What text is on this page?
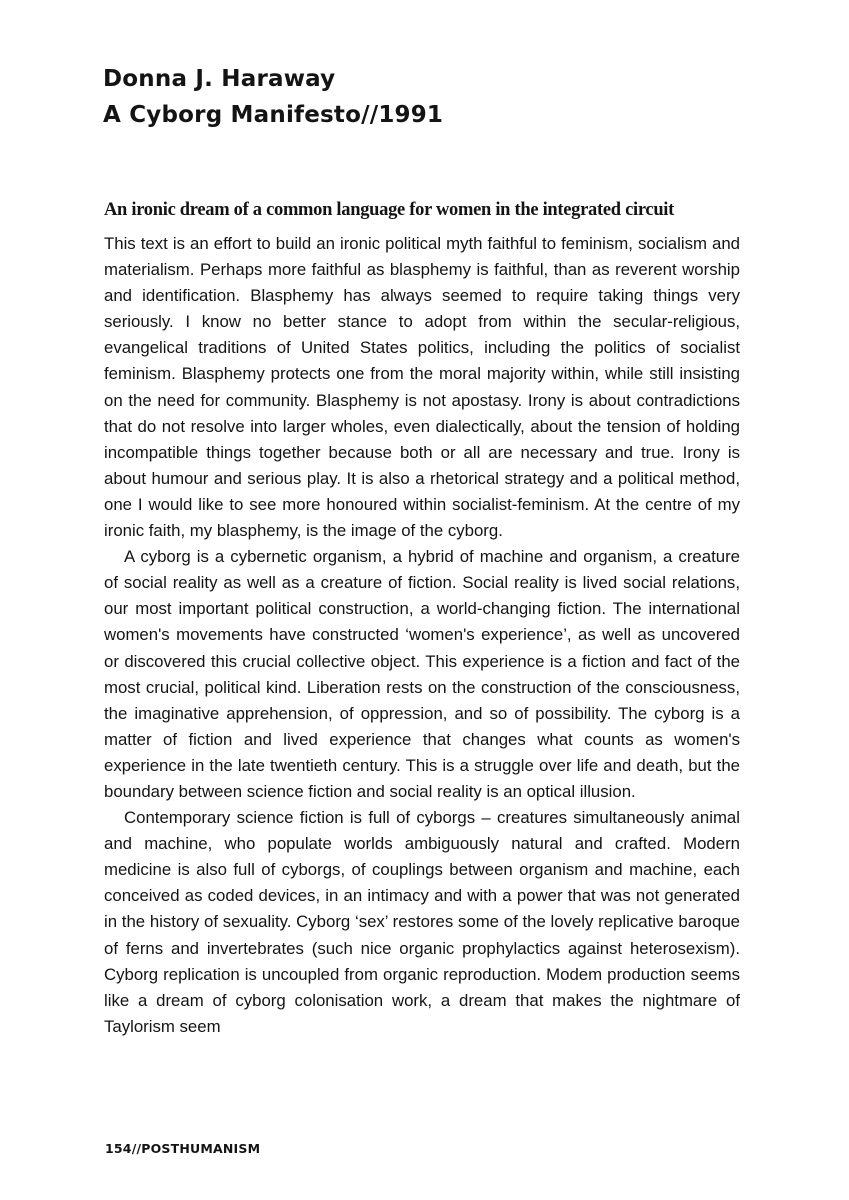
Donna J. Haraway
A Cyborg Manifesto//1991
An ironic dream of a common language for women in the integrated circuit

This text is an effort to build an ironic political myth faithful to feminism, socialism and materialism. Perhaps more faithful as blasphemy is faithful, than as reverent worship and identification. Blasphemy has always seemed to require taking things very seriously. I know no better stance to adopt from within the secular-religious, evangelical traditions of United States politics, including the politics of socialist feminism. Blasphemy protects one from the moral majority within, while still insisting on the need for community. Blasphemy is not apostasy. Irony is about contradictions that do not resolve into larger wholes, even dialectically, about the tension of holding incompatible things together because both or all are necessary and true. Irony is about humour and serious play. It is also a rhetorical strategy and a political method, one I would like to see more honoured within socialist-feminism. At the centre of my ironic faith, my blasphemy, is the image of the cyborg.

A cyborg is a cybernetic organism, a hybrid of machine and organism, a creature of social reality as well as a creature of fiction. Social reality is lived social relations, our most important political construction, a world-changing fiction. The international women's movements have constructed ‘women's experience’, as well as uncovered or discovered this crucial collective object. This experience is a fiction and fact of the most crucial, political kind. Liberation rests on the construction of the consciousness, the imaginative apprehension, of oppression, and so of possibility. The cyborg is a matter of fiction and lived experience that changes what counts as women's experience in the late twentieth century. This is a struggle over life and death, but the boundary between science fiction and social reality is an optical illusion.

Contemporary science fiction is full of cyborgs – creatures simultaneously animal and machine, who populate worlds ambiguously natural and crafted. Modern medicine is also full of cyborgs, of couplings between organism and machine, each conceived as coded devices, in an intimacy and with a power that was not generated in the history of sexuality. Cyborg ‘sex’ restores some of the lovely replicative baroque of ferns and invertebrates (such nice organic prophylactics against heterosexism). Cyborg replication is uncoupled from organic reproduction. Modem production seems like a dream of cyborg colonisation work, a dream that makes the nightmare of Taylorism seem

154//POSTHUMANISM
